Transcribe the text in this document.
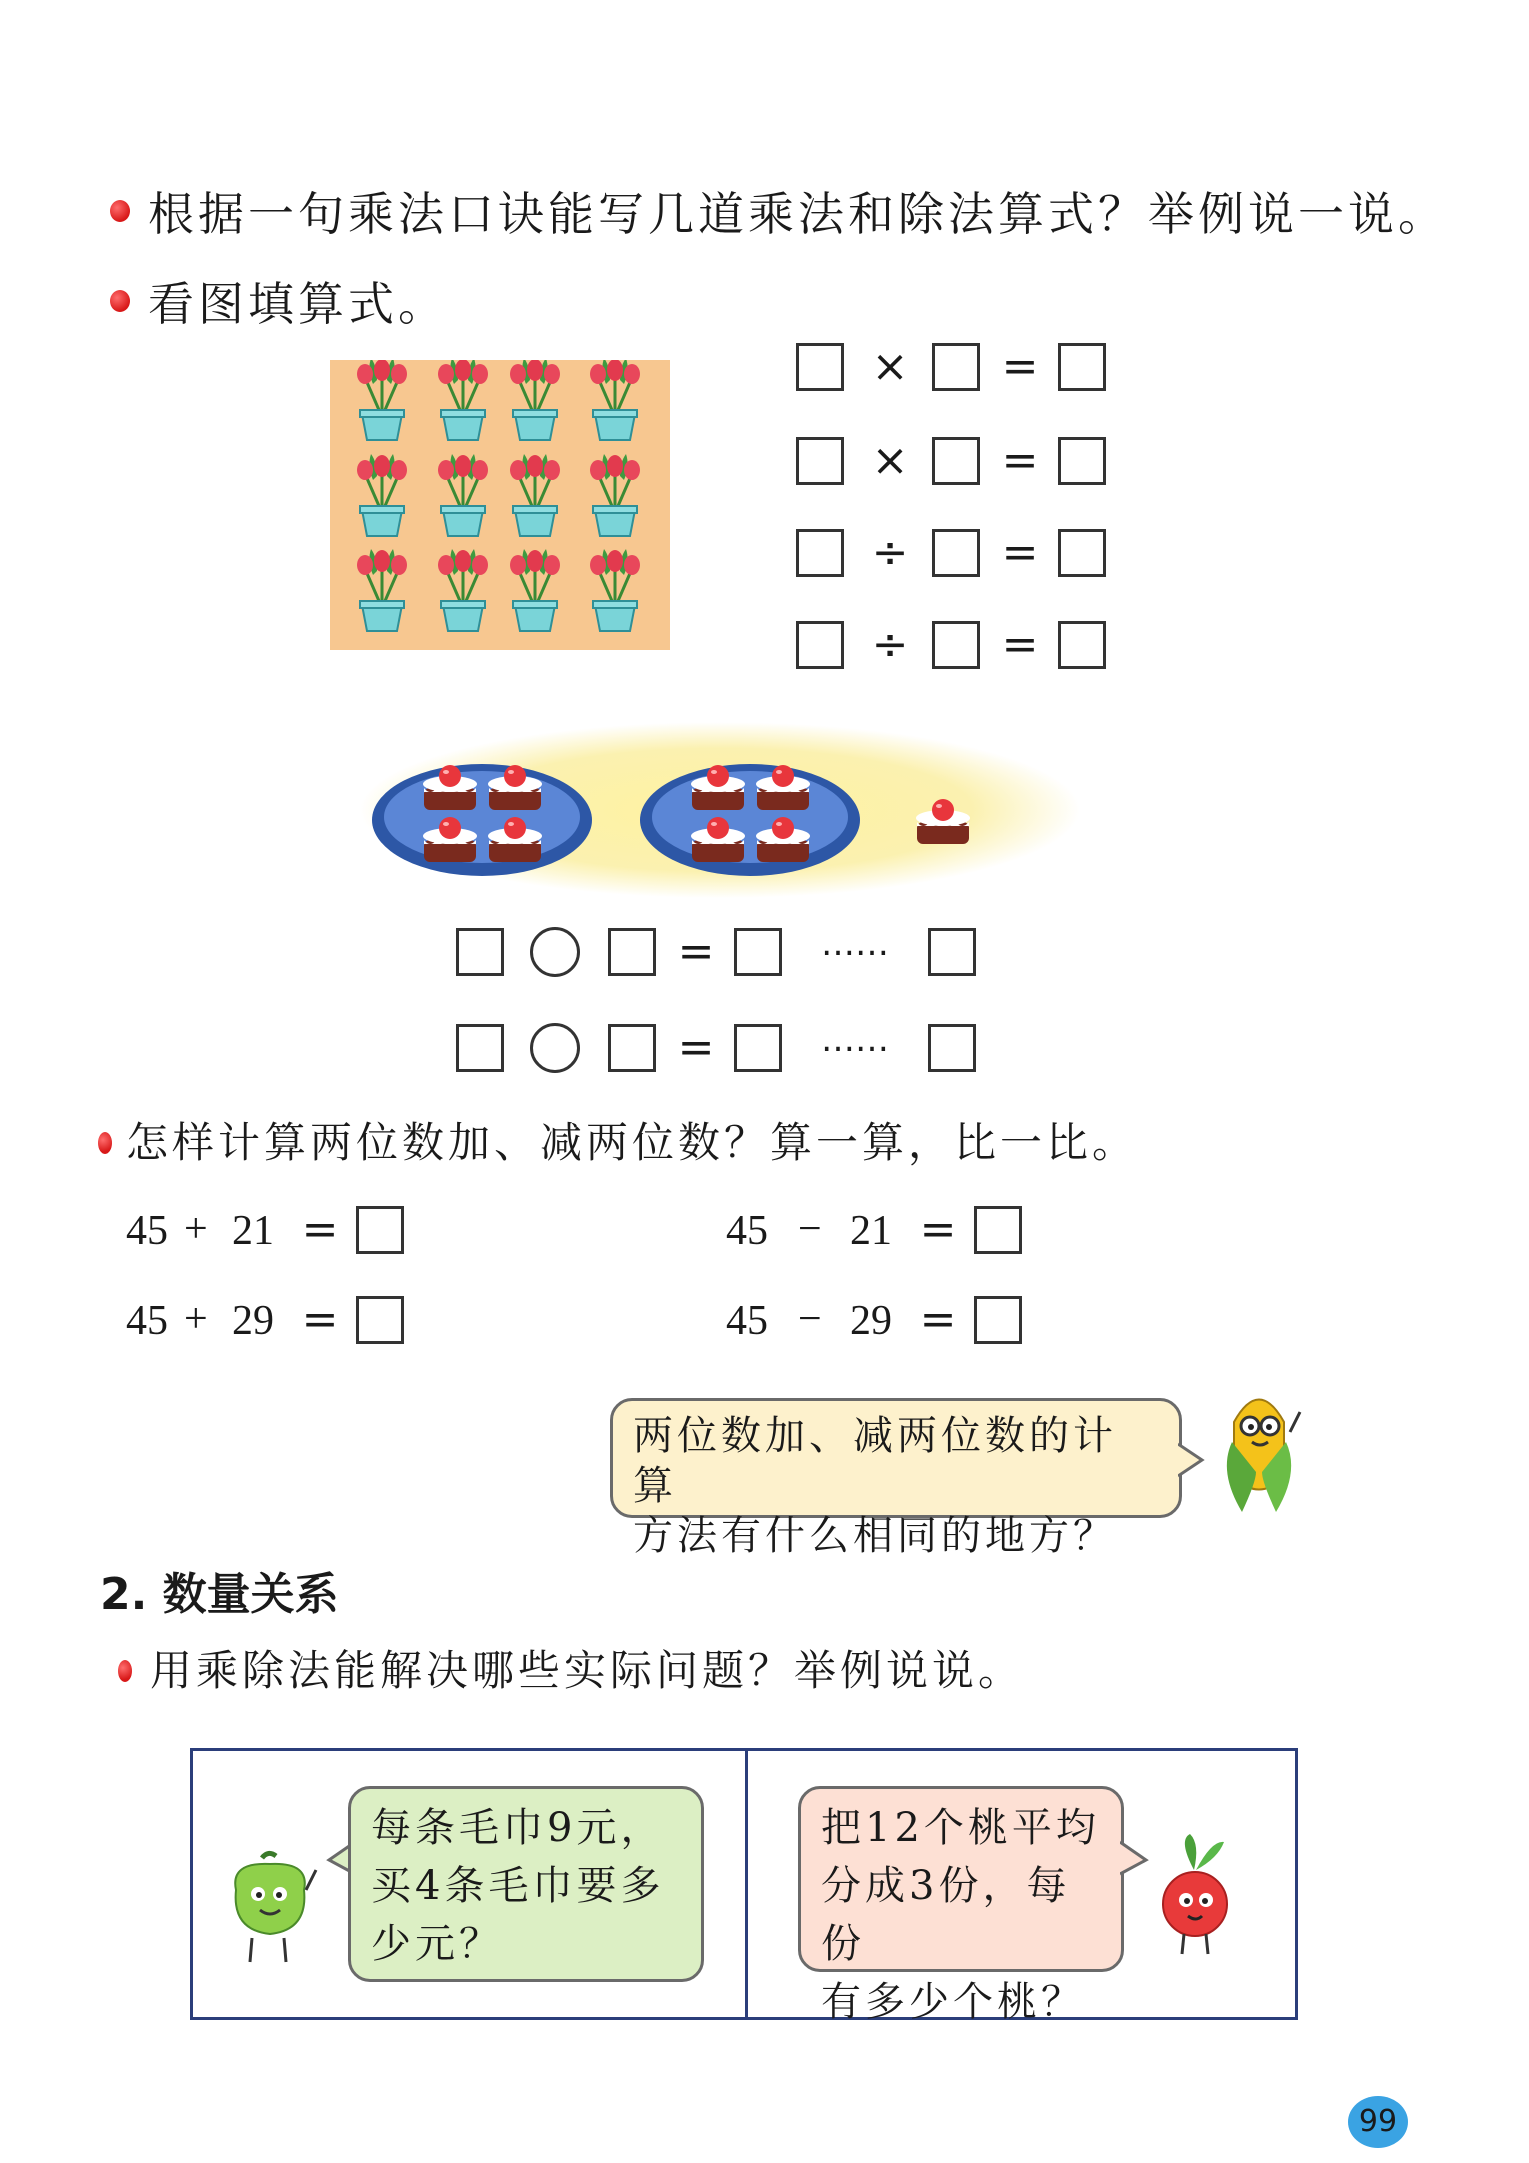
根据一句乘法口诀能写几道乘法和除法算式？举例说一说。
看图填算式。
× =
× =
÷ =
÷ =
=	……
=	……
怎样计算两位数加、减两位数？算一算，比一比。
45 + 21 =
45 + 29 =
45 − 21 =
45 − 29 =
两位数加、减两位数的计算
方法有什么相同的地方？
2. 数量关系
用乘除法能解决哪些实际问题？举例说说。
每条毛巾9元，
买4条毛巾要多
少元？
把12个桃平均
分成3份，每份
有多少个桃？
99
